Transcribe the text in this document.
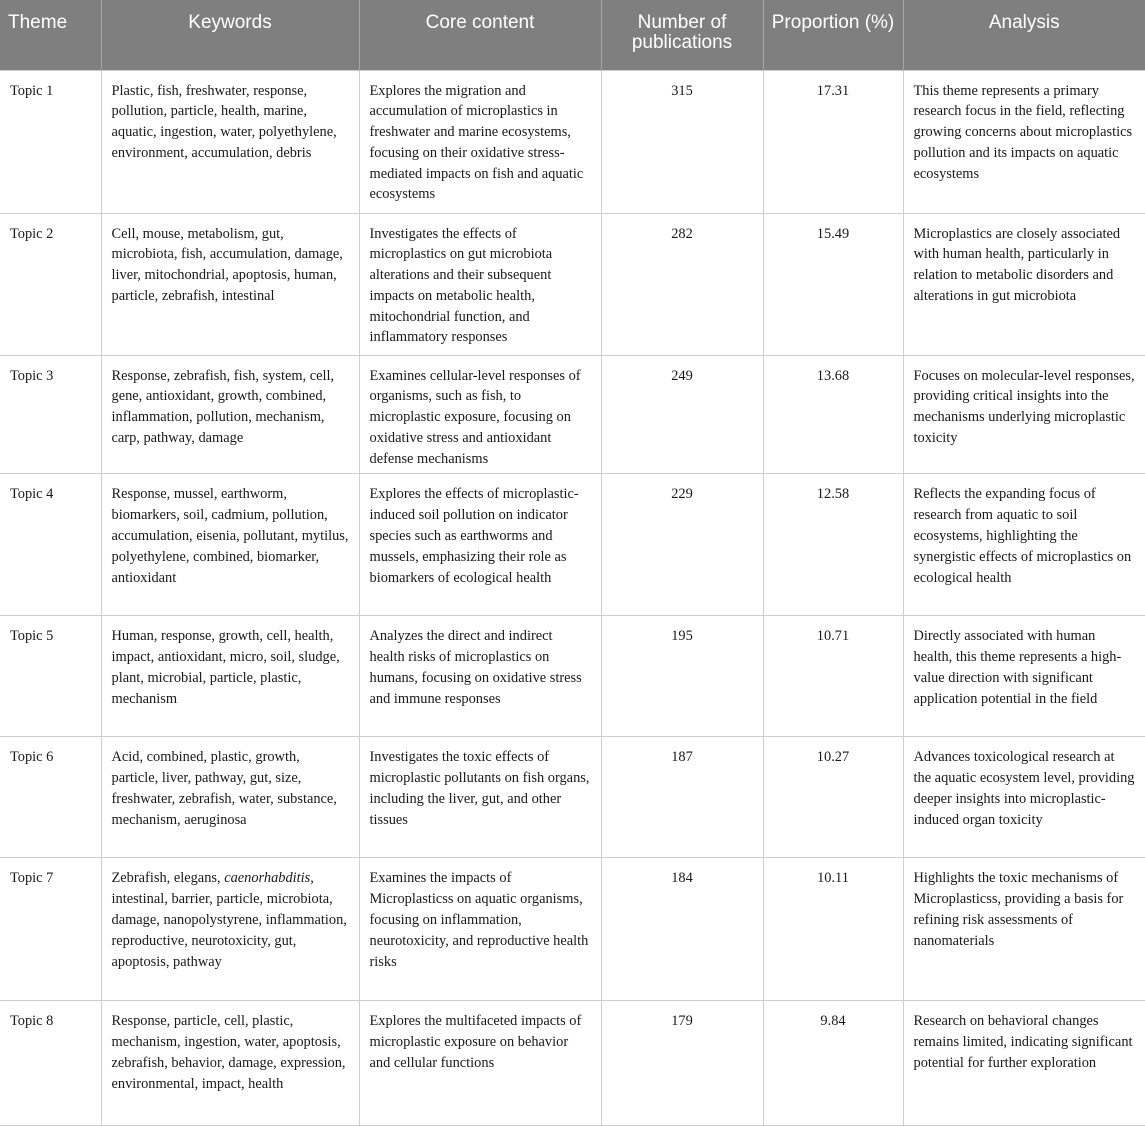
Theme	Keywords	Core content	Number of publications	Proportion (%)	Analysis
Topic 1	Plastic, fish, freshwater, response, pollution, particle, health, marine, aquatic, ingestion, water, polyethylene, environment, accumulation, debris	Explores the migration and accumulation of microplastics in freshwater and marine ecosystems, focusing on their oxidative stress-mediated impacts on fish and aquatic ecosystems	315	17.31	This theme represents a primary research focus in the field, reflecting growing concerns about microplastics pollution and its impacts on aquatic ecosystems
Topic 2	Cell, mouse, metabolism, gut, microbiota, fish, accumulation, damage, liver, mitochondrial, apoptosis, human, particle, zebrafish, intestinal	Investigates the effects of microplastics on gut microbiota alterations and their subsequent impacts on metabolic health, mitochondrial function, and inflammatory responses	282	15.49	Microplastics are closely associated with human health, particularly in relation to metabolic disorders and alterations in gut microbiota
Topic 3	Response, zebrafish, fish, system, cell, gene, antioxidant, growth, combined, inflammation, pollution, mechanism, carp, pathway, damage	Examines cellular-level responses of organisms, such as fish, to microplastic exposure, focusing on oxidative stress and antioxidant defense mechanisms	249	13.68	Focuses on molecular-level responses, providing critical insights into the mechanisms underlying microplastic toxicity
Topic 4	Response, mussel, earthworm, biomarkers, soil, cadmium, pollution, accumulation, eisenia, pollutant, mytilus, polyethylene, combined, biomarker, antioxidant	Explores the effects of microplastic-induced soil pollution on indicator species such as earthworms and mussels, emphasizing their role as biomarkers of ecological health	229	12.58	Reflects the expanding focus of research from aquatic to soil ecosystems, highlighting the synergistic effects of microplastics on ecological health
Topic 5	Human, response, growth, cell, health, impact, antioxidant, micro, soil, sludge, plant, microbial, particle, plastic, mechanism	Analyzes the direct and indirect health risks of microplastics on humans, focusing on oxidative stress and immune responses	195	10.71	Directly associated with human health, this theme represents a high-value direction with significant application potential in the field
Topic 6	Acid, combined, plastic, growth, particle, liver, pathway, gut, size, freshwater, zebrafish, water, substance, mechanism, aeruginosa	Investigates the toxic effects of microplastic pollutants on fish organs, including the liver, gut, and other tissues	187	10.27	Advances toxicological research at the aquatic ecosystem level, providing deeper insights into microplastic-induced organ toxicity
Topic 7	Zebrafish, elegans, caenorhabditis, intestinal, barrier, particle, microbiota, damage, nanopolystyrene, inflammation, reproductive, neurotoxicity, gut, apoptosis, pathway	Examines the impacts of Microplasticss on aquatic organisms, focusing on inflammation, neurotoxicity, and reproductive health risks	184	10.11	Highlights the toxic mechanisms of Microplasticss, providing a basis for refining risk assessments of nanomaterials
Topic 8	Response, particle, cell, plastic, mechanism, ingestion, water, apoptosis, zebrafish, behavior, damage, expression, environmental, impact, health	Explores the multifaceted impacts of microplastic exposure on behavior and cellular functions	179	9.84	Research on behavioral changes remains limited, indicating significant potential for further exploration
